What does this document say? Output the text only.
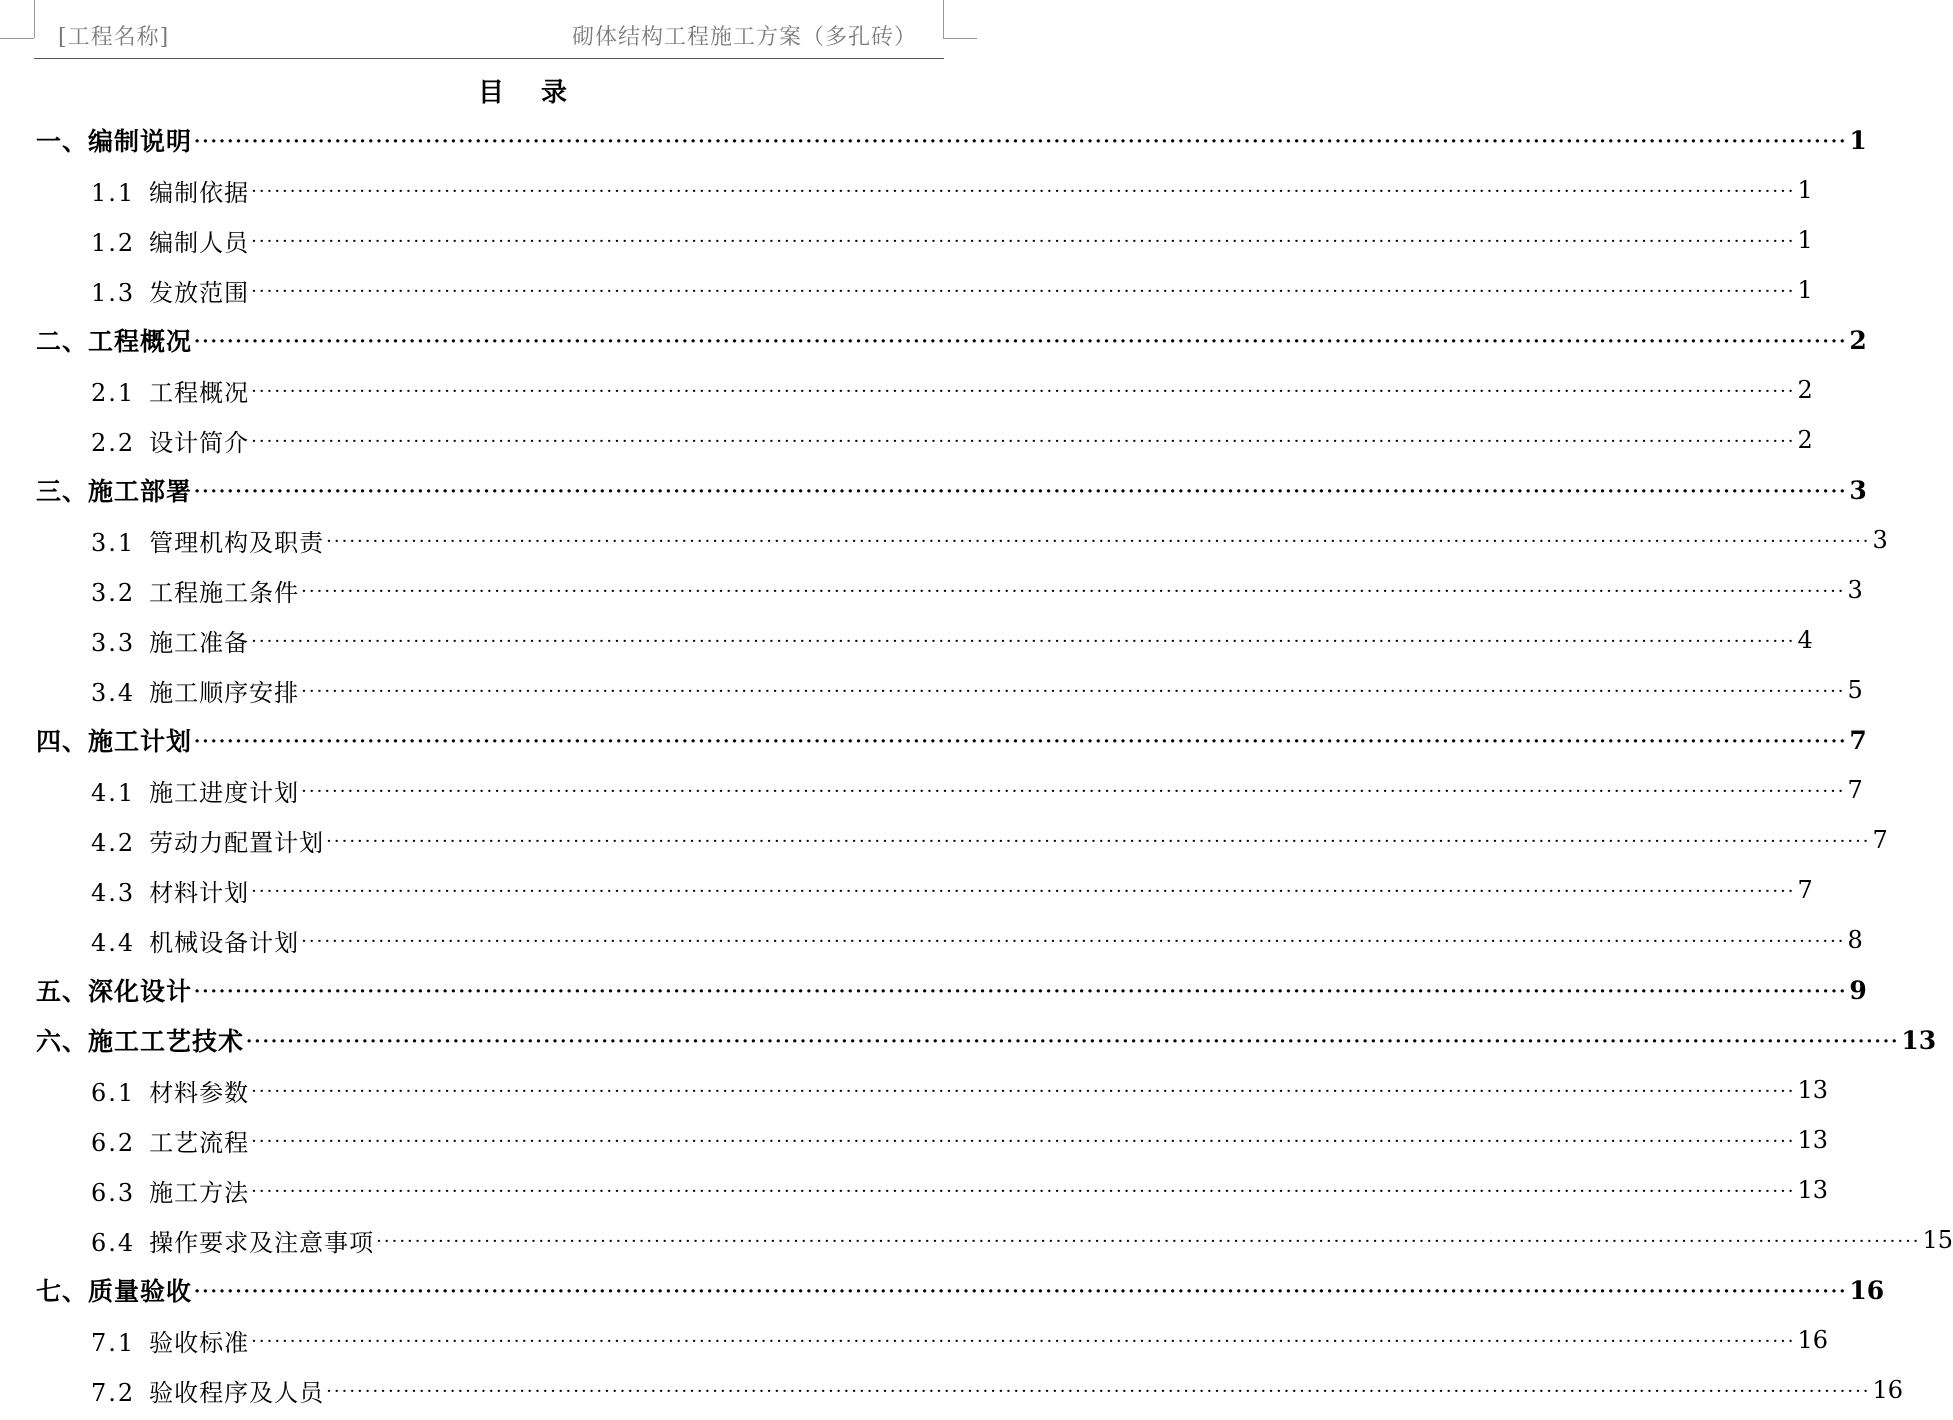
[工程名称]	砌体结构工程施工方案（多孔砖）
目 录
一、编制说明 ········································································································································································································ 1
1.1 编制依据 ········································································································································································································ 1
1.2 编制人员 ········································································································································································································ 1
1.3 发放范围 ········································································································································································································ 1
二、工程概况 ········································································································································································································ 2
2.1 工程概况 ········································································································································································································ 2
2.2 设计简介 ········································································································································································································ 2
三、施工部署 ········································································································································································································ 3
3.1 管理机构及职责 ········································································································································································································ 3
3.2 工程施工条件 ········································································································································································································ 3
3.3 施工准备 ········································································································································································································ 4
3.4 施工顺序安排 ········································································································································································································ 5
四、施工计划 ········································································································································································································ 7
4.1 施工进度计划 ········································································································································································································ 7
4.2 劳动力配置计划 ········································································································································································································ 7
4.3 材料计划 ········································································································································································································ 7
4.4 机械设备计划 ········································································································································································································ 8
五、深化设计 ········································································································································································································ 9
六、施工工艺技术 ········································································································································································································ 13
6.1 材料参数 ········································································································································································································ 13
6.2 工艺流程 ········································································································································································································ 13
6.3 施工方法 ········································································································································································································ 13
6.4 操作要求及注意事项 ········································································································································································································ 15
七、质量验收 ········································································································································································································ 16
7.1 验收标准 ········································································································································································································ 16
7.2 验收程序及人员 ········································································································································································································ 16
